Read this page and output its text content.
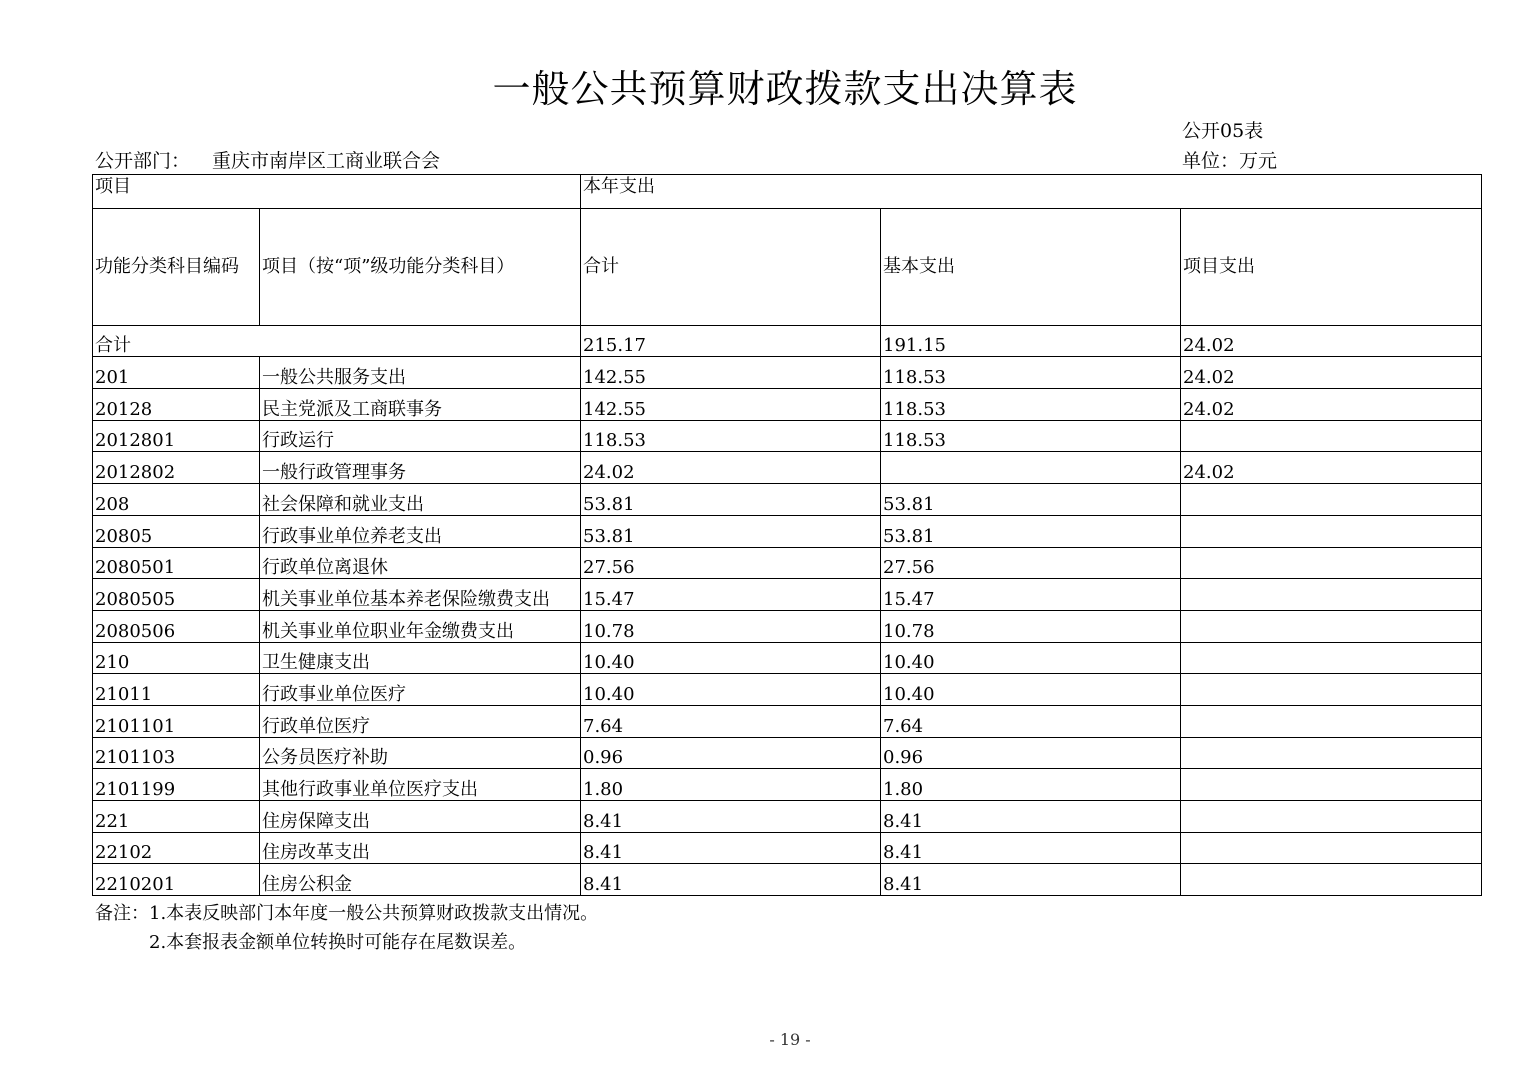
一般公共预算财政拨款支出决算表
公开05表
公开部门： 重庆市南岸区工商业联合会	单位：万元
项目		本年支出		
功能分类科目编码	项目（按“项”级功能分类科目）	合计	基本支出	项目支出
合计		215.17	191.15	24.02
201	一般公共服务支出	142.55	118.53	24.02
20128	民主党派及工商联事务	142.55	118.53	24.02
2012801	行政运行	118.53	118.53	
2012802	一般行政管理事务	24.02		24.02
208	社会保障和就业支出	53.81	53.81	
20805	行政事业单位养老支出	53.81	53.81	
2080501	行政单位离退休	27.56	27.56	
2080505	机关事业单位基本养老保险缴费支出	15.47	15.47	
2080506	机关事业单位职业年金缴费支出	10.78	10.78	
210	卫生健康支出	10.40	10.40	
21011	行政事业单位医疗	10.40	10.40	
2101101	行政单位医疗	7.64	7.64	
2101103	公务员医疗补助	0.96	0.96	
2101199	其他行政事业单位医疗支出	1.80	1.80	
221	住房保障支出	8.41	8.41	
22102	住房改革支出	8.41	8.41	
2210201	住房公积金	8.41	8.41	
备注：1.本表反映部门本年度一般公共预算财政拨款支出情况。
2.本套报表金额单位转换时可能存在尾数误差。
- 19 -
